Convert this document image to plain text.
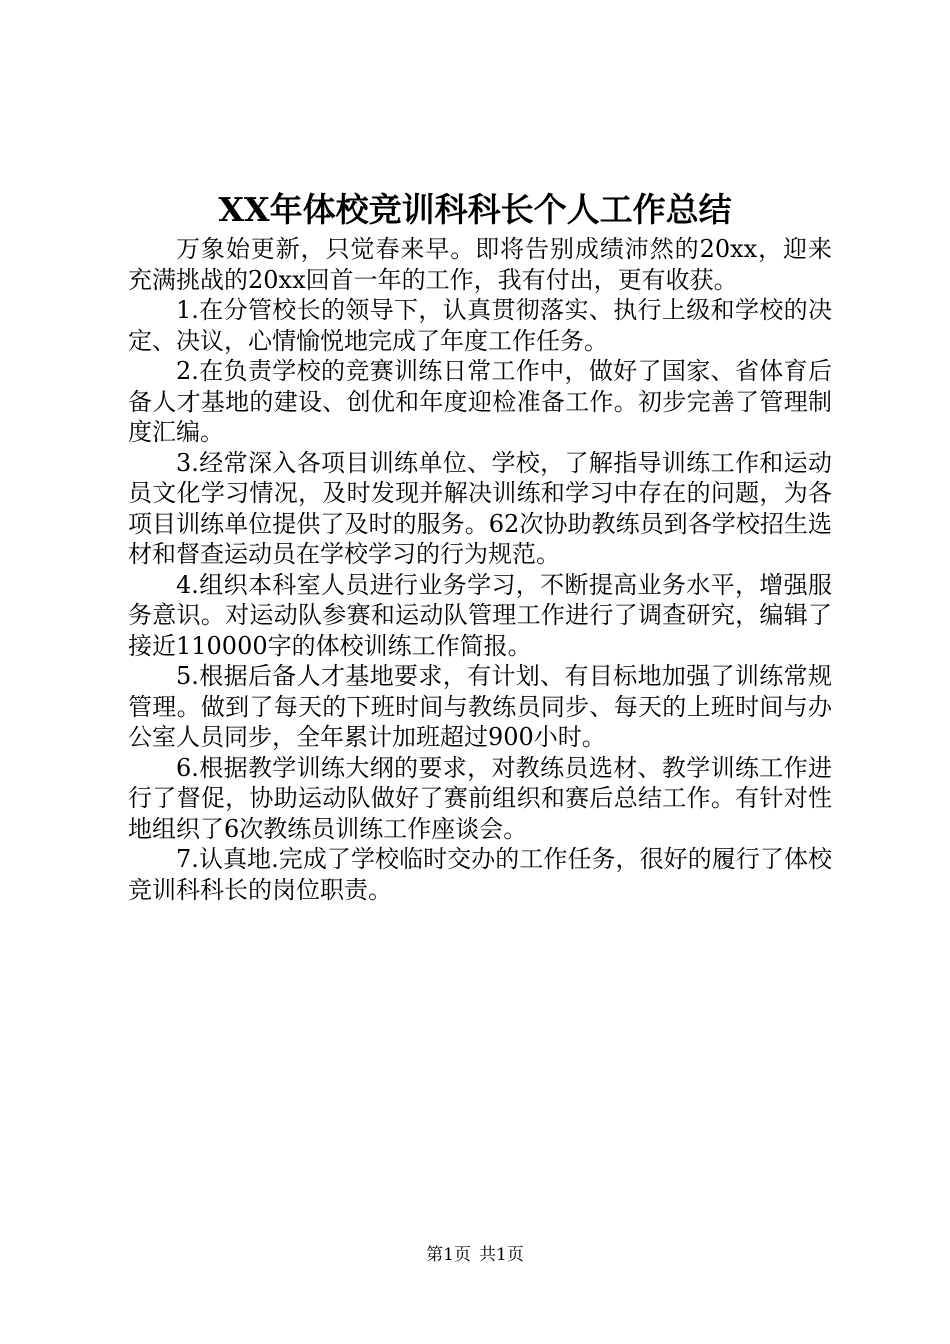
XX年体校竞训科科长个人工作总结

万象始更新，只觉春来早。即将告别成绩沛然的20xx，迎来充满挑战的20xx回首一年的工作，我有付出，更有收获。

1.在分管校长的领导下，认真贯彻落实、执行上级和学校的决定、决议，心情愉悦地完成了年度工作任务。

2.在负责学校的竞赛训练日常工作中，做好了国家、省体育后备人才基地的建设、创优和年度迎检准备工作。初步完善了管理制度汇编。

3.经常深入各项目训练单位、学校，了解指导训练工作和运动员文化学习情况，及时发现并解决训练和学习中存在的问题，为各项目训练单位提供了及时的服务。62次协助教练员到各学校招生选材和督查运动员在学校学习的行为规范。

4.组织本科室人员进行业务学习，不断提高业务水平，增强服务意识。对运动队参赛和运动队管理工作进行了调查研究，编辑了接近110000字的体校训练工作简报。

5.根据后备人才基地要求，有计划、有目标地加强了训练常规管理。做到了每天的下班时间与教练员同步、每天的上班时间与办公室人员同步，全年累计加班超过900小时。

6.根据教学训练大纲的要求，对教练员选材、教学训练工作进行了督促，协助运动队做好了赛前组织和赛后总结工作。有针对性地组织了6次教练员训练工作座谈会。

7.认真地.完成了学校临时交办的工作任务，很好的履行了体校竞训科科长的岗位职责。

第1页 共1页
